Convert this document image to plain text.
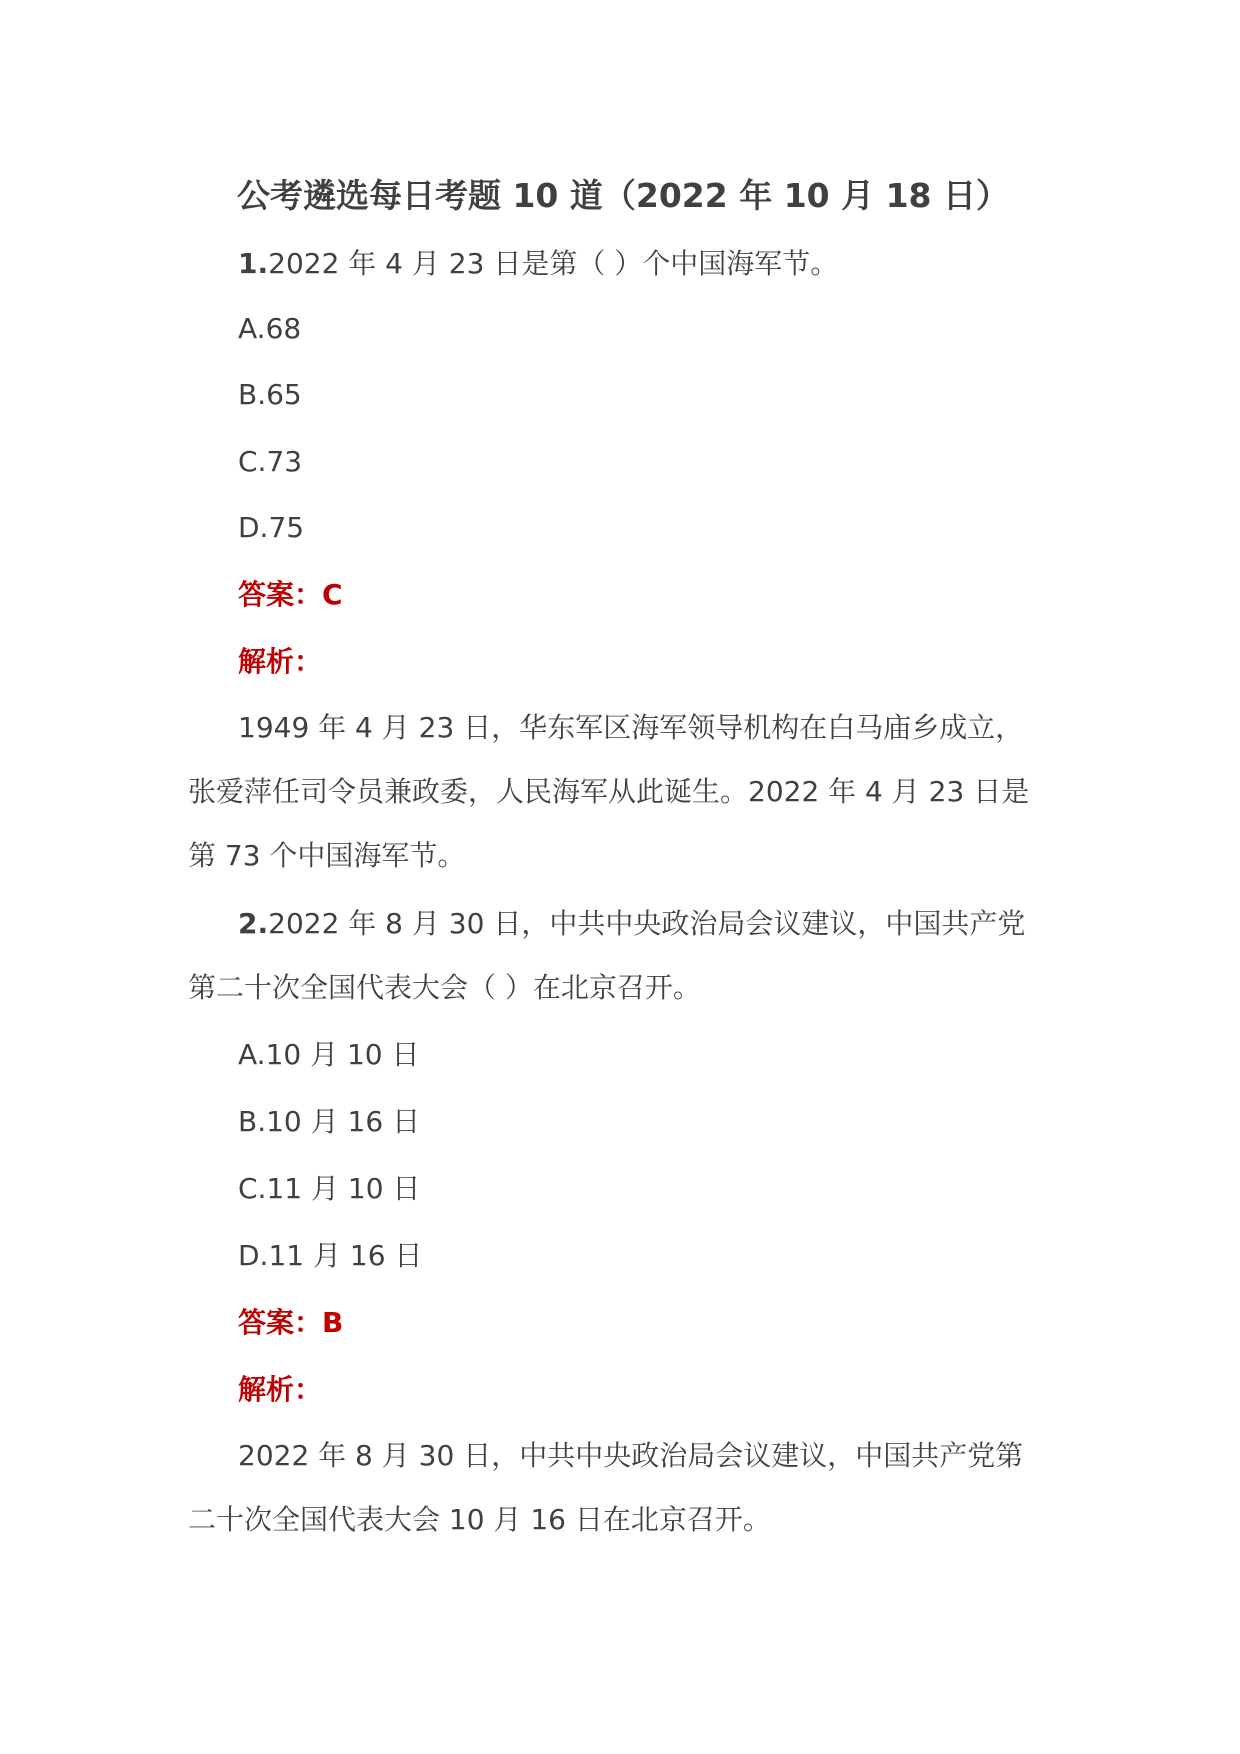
公考遴选每日考题 10 道（2022 年 10 月 18 日）
1.2022 年 4 月 23 日是第（ ）个中国海军节。
A.68
B.65
C.73
D.75
答案：C
解析：
1949 年 4 月 23 日，华东军区海军领导机构在白马庙乡成立，
张爱萍任司令员兼政委，人民海军从此诞生。2022 年 4 月 23 日是
第 73 个中国海军节。
2.2022 年 8 月 30 日，中共中央政治局会议建议，中国共产党
第二十次全国代表大会（ ）在北京召开。
A.10 月 10 日
B.10 月 16 日
C.11 月 10 日
D.11 月 16 日
答案：B
解析：
2022 年 8 月 30 日，中共中央政治局会议建议，中国共产党第
二十次全国代表大会 10 月 16 日在北京召开。
